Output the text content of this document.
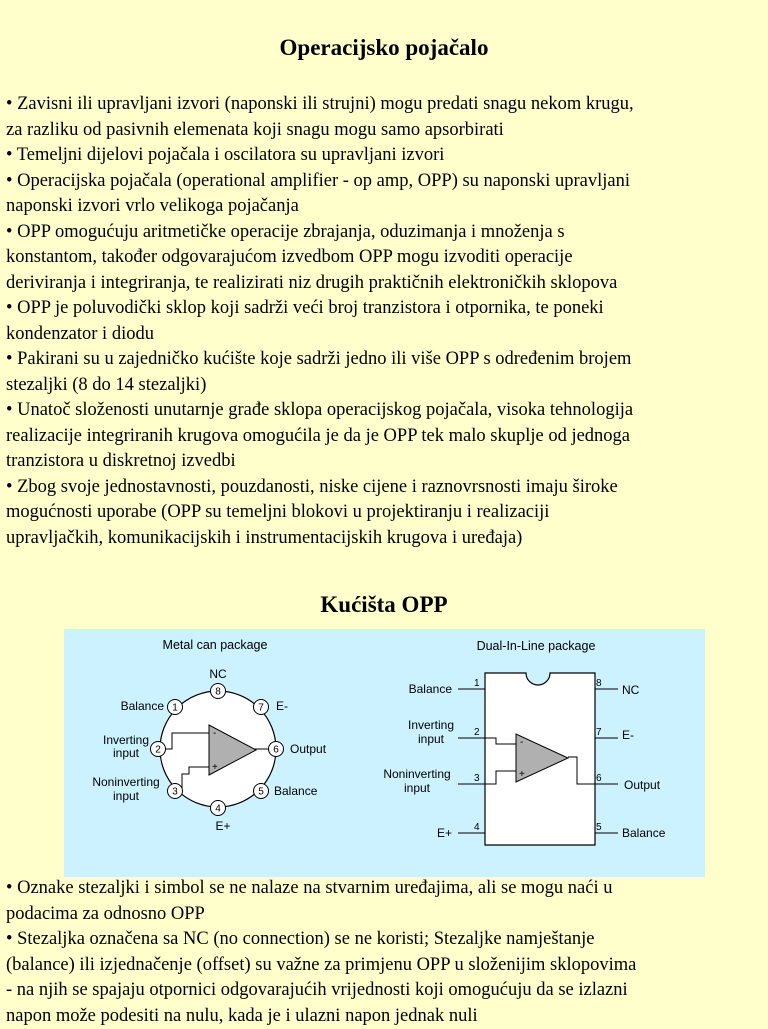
Operacijsko pojačalo
• Zavisni ili upravljani izvori (naponski ili strujni) mogu predati snagu nekom krugu,
za razliku od pasivnih elemenata koji snagu mogu samo apsorbirati
• Temeljni dijelovi pojačala i oscilatora su upravljani izvori
• Operacijska pojačala (operational amplifier - op amp, OPP) su naponski upravljani
naponski izvori vrlo velikoga pojačanja
• OPP omogućuju aritmetičke operacije zbrajanja, oduzimanja i množenja s
konstantom, također odgovarajućom izvedbom OPP mogu izvoditi operacije
deriviranja i integriranja, te realizirati niz drugih praktičnih elektroničkih sklopova
• OPP je poluvodički sklop koji sadrži veći broj tranzistora i otpornika, te poneki
kondenzator i diodu
• Pakirani su u zajedničko kućište koje sadrži jedno ili više OPP s određenim brojem
stezaljki (8 do 14 stezaljki)
• Unatoč složenosti unutarnje građe sklopa operacijskog pojačala, visoka tehnologija
realizacije integriranih krugova omogućila je da je OPP tek malo skuplje od jednoga
tranzistora u diskretnoj izvedbi
• Zbog svoje jednostavnosti, pouzdanosti, niske cijene i raznovrsnosti imaju široke
mogućnosti uporabe (OPP su temeljni blokovi u projektiranju i realizaciji
upravljačkih, komunikacijskih i instrumentacijskih krugova i uređaja)
Kućišta OPP
Metal can package
-
+
8
1	7
2	6
3	5
4
NC
Balance	E-
Inverting
input	Output
Noninverting
input	Balance
E+
Dual-In-Line package
-
+
1
2
3
4
8
7
6
5
Balance
Inverting
input
Noninverting
input
E+
NC
E-
Output
Balance
• Oznake stezaljki i simbol se ne nalaze na stvarnim uređajima, ali se mogu naći u
podacima za odnosno OPP
• Stezaljka označena sa NC (no connection) se ne koristi; Stezaljke namještanje
(balance) ili izjednačenje (offset) su važne za primjenu OPP u složenijim sklopovima
- na njih se spajaju otpornici odgovarajućih vrijednosti koji omogućuju da se izlazni
napon može podesiti na nulu, kada je i ulazni napon jednak nuli
